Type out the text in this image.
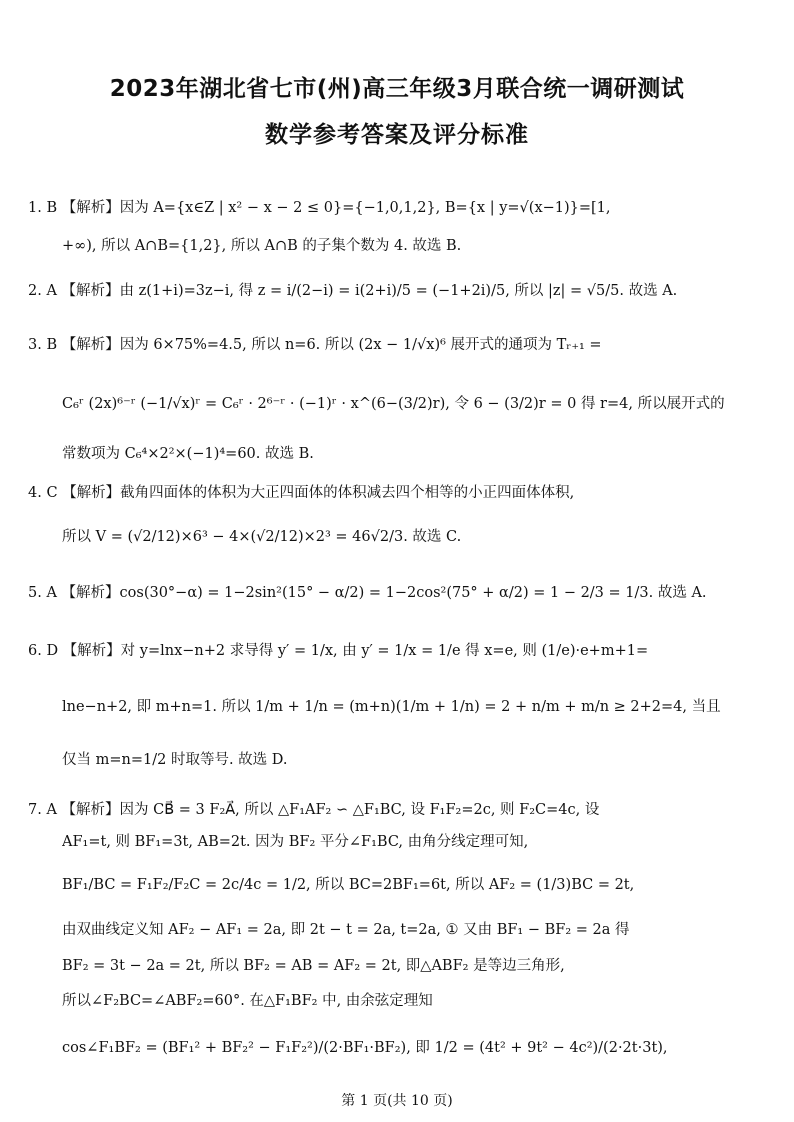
2023年湖北省七市(州)高三年级3月联合统一调研测试
数学参考答案及评分标准
1. B 【解析】因为 A={x∈Z | x² − x − 2 ≤ 0}={−1,0,1,2}, B={x | y=√(x−1)}=[1,
+∞), 所以 A∩B={1,2}, 所以 A∩B 的子集个数为 4. 故选 B.
2. A 【解析】由 z(1+i)=3z−i, 得 z = i/(2−i) = i(2+i)/5 = (−1+2i)/5, 所以 |z| = √5/5. 故选 A.
3. B 【解析】因为 6×75%=4.5, 所以 n=6. 所以 (2x − 1/√x)⁶ 展开式的通项为 Tᵣ₊₁ =
C₆ʳ (2x)⁶⁻ʳ (−1/√x)ʳ = C₆ʳ · 2⁶⁻ʳ · (−1)ʳ · x^(6−(3/2)r), 令 6 − (3/2)r = 0 得 r=4, 所以展开式的
常数项为 C₆⁴×2²×(−1)⁴=60. 故选 B.
4. C 【解析】截角四面体的体积为大正四面体的体积减去四个相等的小正四面体体积,
所以 V = (√2/12)×6³ − 4×(√2/12)×2³ = 46√2/3. 故选 C.
5. A 【解析】cos(30°−α) = 1−2sin²(15° − α/2) = 1−2cos²(75° + α/2) = 1 − 2/3 = 1/3. 故选 A.
6. D 【解析】对 y=lnx−n+2 求导得 y′ = 1/x, 由 y′ = 1/x = 1/e 得 x=e, 则 (1/e)·e+m+1=
lne−n+2, 即 m+n=1. 所以 1/m + 1/n = (m+n)(1/m + 1/n) = 2 + n/m + m/n ≥ 2+2=4, 当且
仅当 m=n=1/2 时取等号. 故选 D.
7. A 【解析】因为 CB⃗ = 3 F₂A⃗, 所以 △F₁AF₂ ∽ △F₁BC, 设 F₁F₂=2c, 则 F₂C=4c, 设
AF₁=t, 则 BF₁=3t, AB=2t. 因为 BF₂ 平分∠F₁BC, 由角分线定理可知,
BF₁/BC = F₁F₂/F₂C = 2c/4c = 1/2, 所以 BC=2BF₁=6t, 所以 AF₂ = (1/3)BC = 2t,
由双曲线定义知 AF₂ − AF₁ = 2a, 即 2t − t = 2a, t=2a, ① 又由 BF₁ − BF₂ = 2a 得
BF₂ = 3t − 2a = 2t, 所以 BF₂ = AB = AF₂ = 2t, 即△ABF₂ 是等边三角形,
所以∠F₂BC=∠ABF₂=60°. 在△F₁BF₂ 中, 由余弦定理知
cos∠F₁BF₂ = (BF₁² + BF₂² − F₁F₂²)/(2·BF₁·BF₂), 即 1/2 = (4t² + 9t² − 4c²)/(2·2t·3t),
第 1 页(共 10 页)
